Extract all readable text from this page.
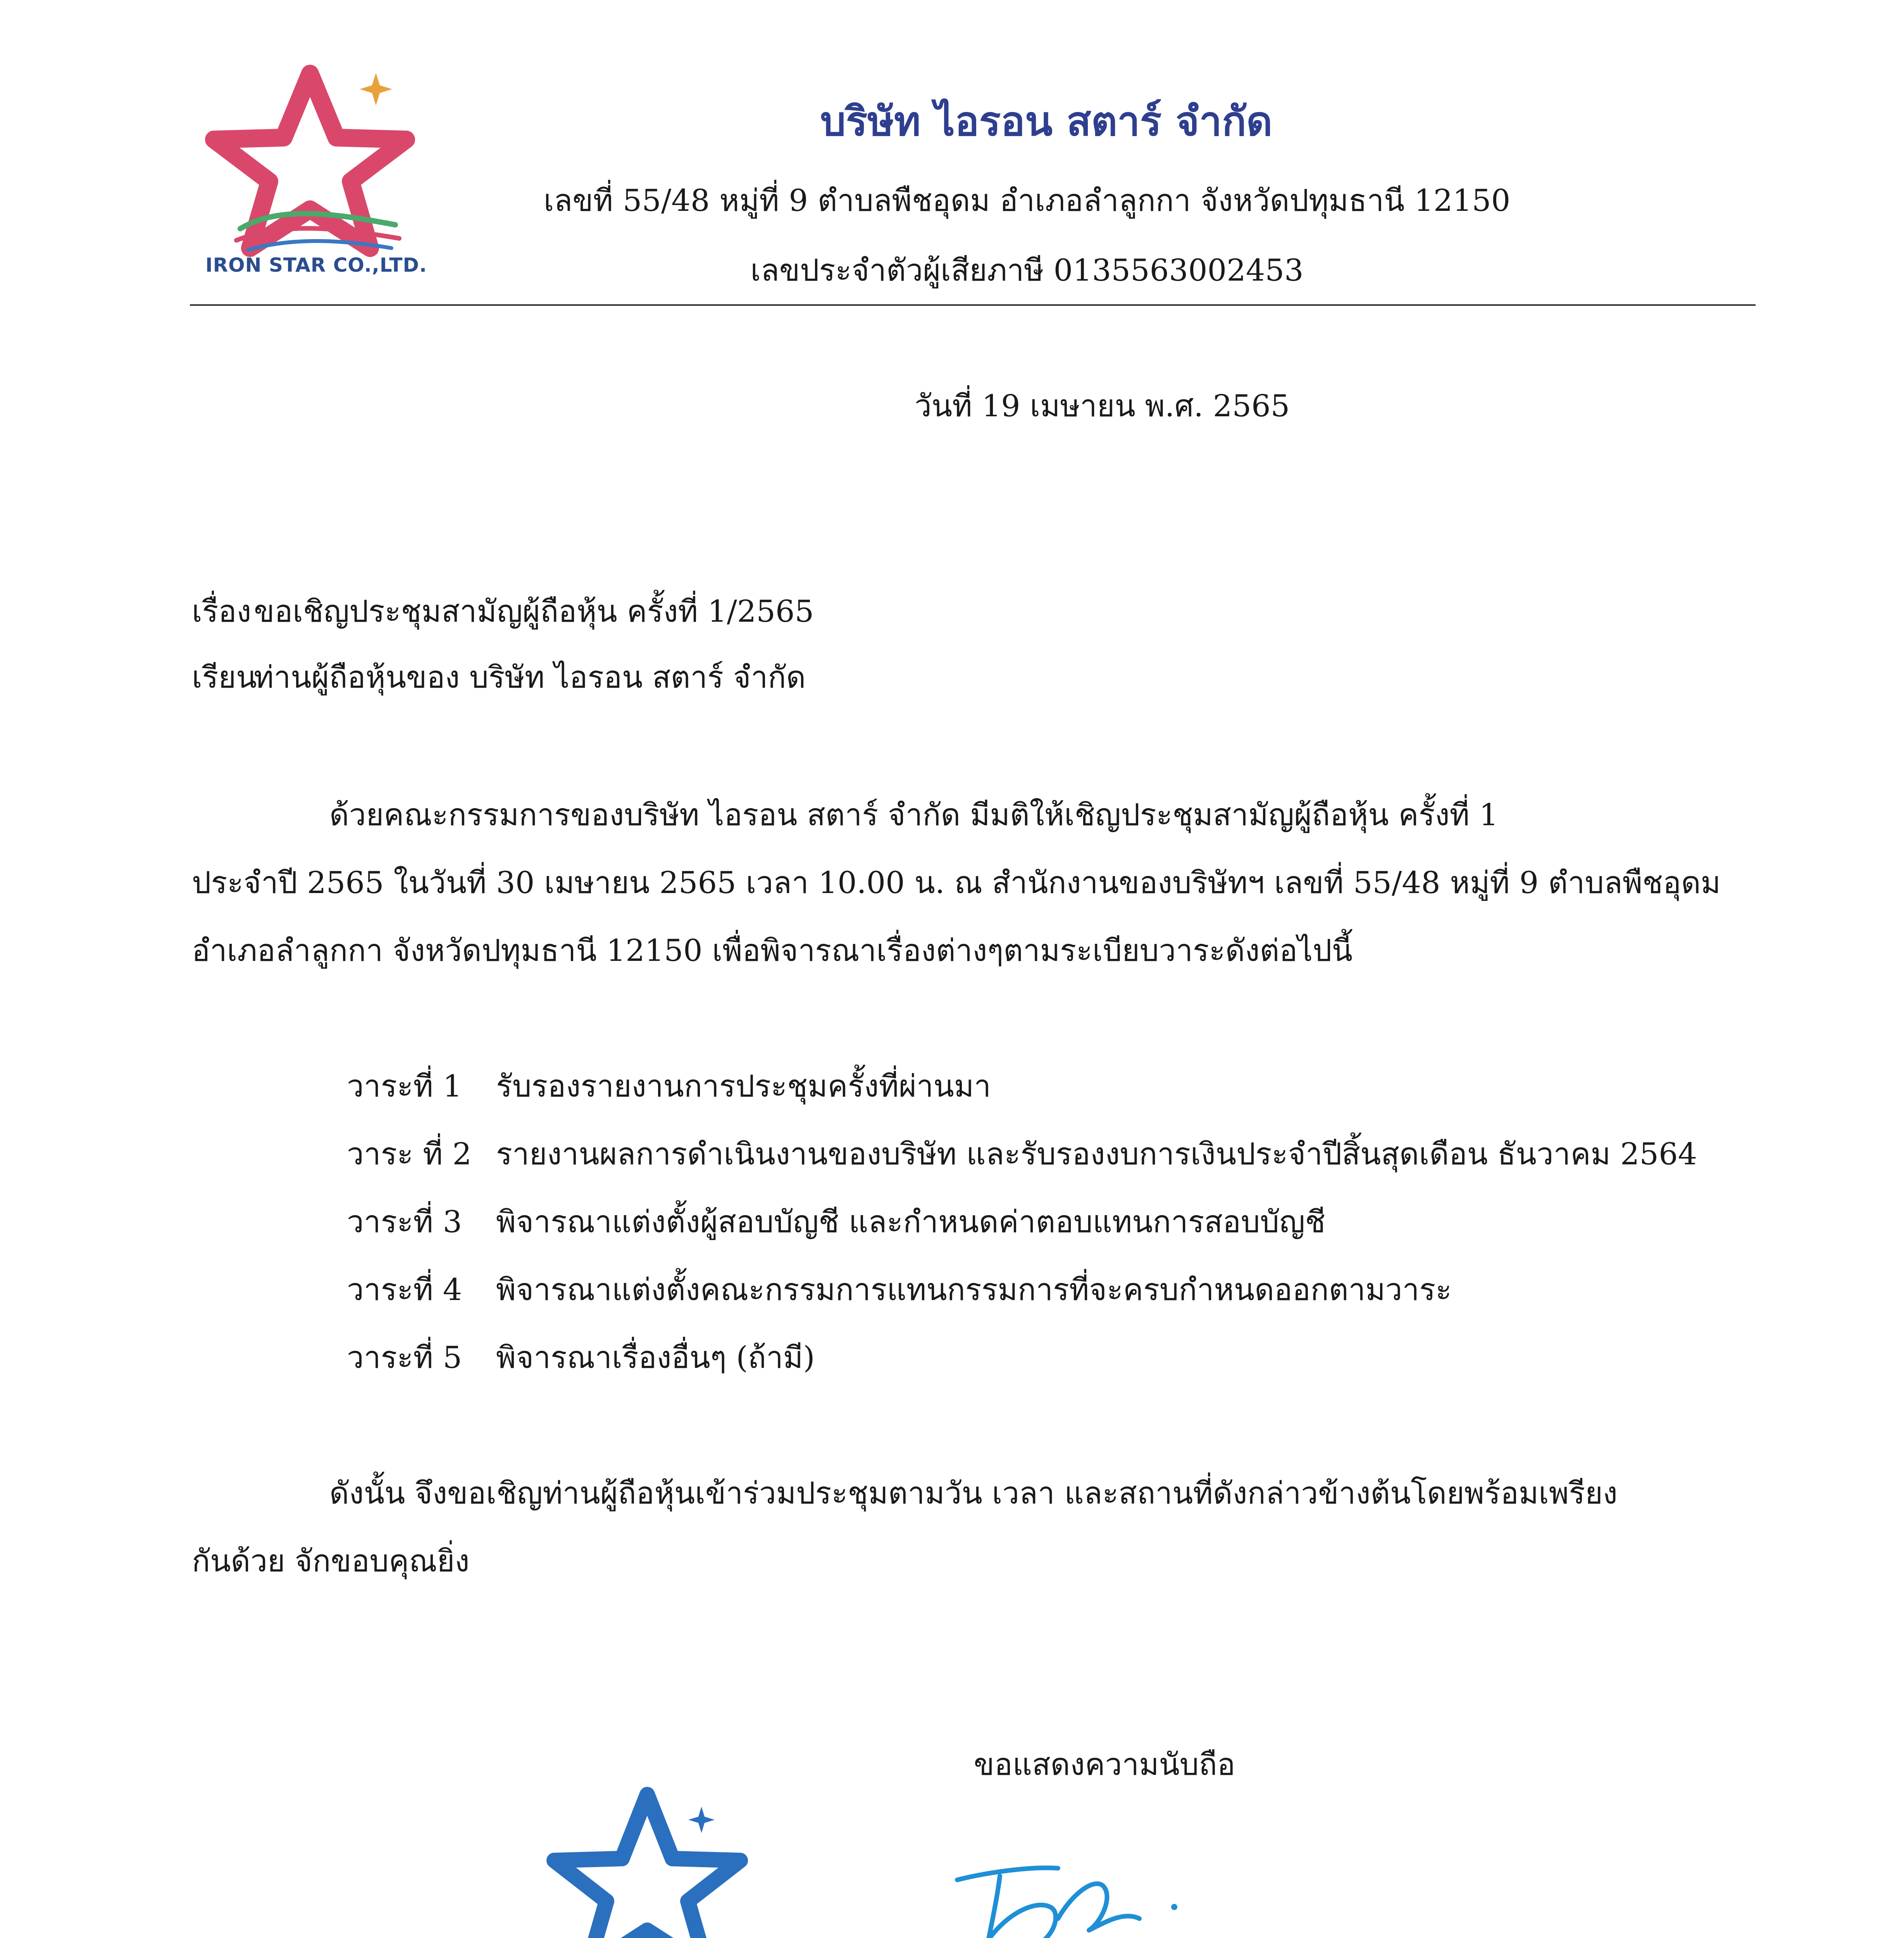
IRON STAR CO.,LTD.
บริษัท ไอรอน สตาร์ จำกัด
เลขที่ 55/48 หมู่ที่ 9 ตำบลพืชอุดม อำเภอลำลูกกา จังหวัดปทุมธานี 12150
เลขประจำตัวผู้เสียภาษี 0135563002453
วันที่ 19 เมษายน พ.ศ. 2565
เรื่องขอเชิญประชุมสามัญผู้ถือหุ้น ครั้งที่ 1/2565
เรียนท่านผู้ถือหุ้นของ บริษัท ไอรอน สตาร์ จำกัด
ด้วยคณะกรรมการของบริษัท ไอรอน สตาร์ จำกัด มีมติให้เชิญประชุมสามัญผู้ถือหุ้น ครั้งที่ 1
ประจำปี 2565 ในวันที่ 30 เมษายน 2565 เวลา 10.00 น. ณ สำนักงานของบริษัทฯ เลขที่ 55/48 หมู่ที่ 9 ตำบลพืชอุดม
อำเภอลำลูกกา จังหวัดปทุมธานี 12150 เพื่อพิจารณาเรื่องต่างๆตามระเบียบวาระดังต่อไปนี้
วาระที่ 1 รับรองรายงานการประชุมครั้งที่ผ่านมา
วาระ ที่ 2 รายงานผลการดำเนินงานของบริษัท และรับรองงบการเงินประจำปีสิ้นสุดเดือน ธันวาคม 2564
วาระที่ 3 พิจารณาแต่งตั้งผู้สอบบัญชี และกำหนดค่าตอบแทนการสอบบัญชี
วาระที่ 4 พิจารณาแต่งตั้งคณะกรรมการแทนกรรมการที่จะครบกำหนดออกตามวาระ
วาระที่ 5 พิจารณาเรื่องอื่นๆ (ถ้ามี)
ดังนั้น จึงขอเชิญท่านผู้ถือหุ้นเข้าร่วมประชุมตามวัน เวลา และสถานที่ดังกล่าวข้างต้นโดยพร้อมเพรียง
กันด้วย จักขอบคุณยิ่ง
ขอแสดงความนับถือ
